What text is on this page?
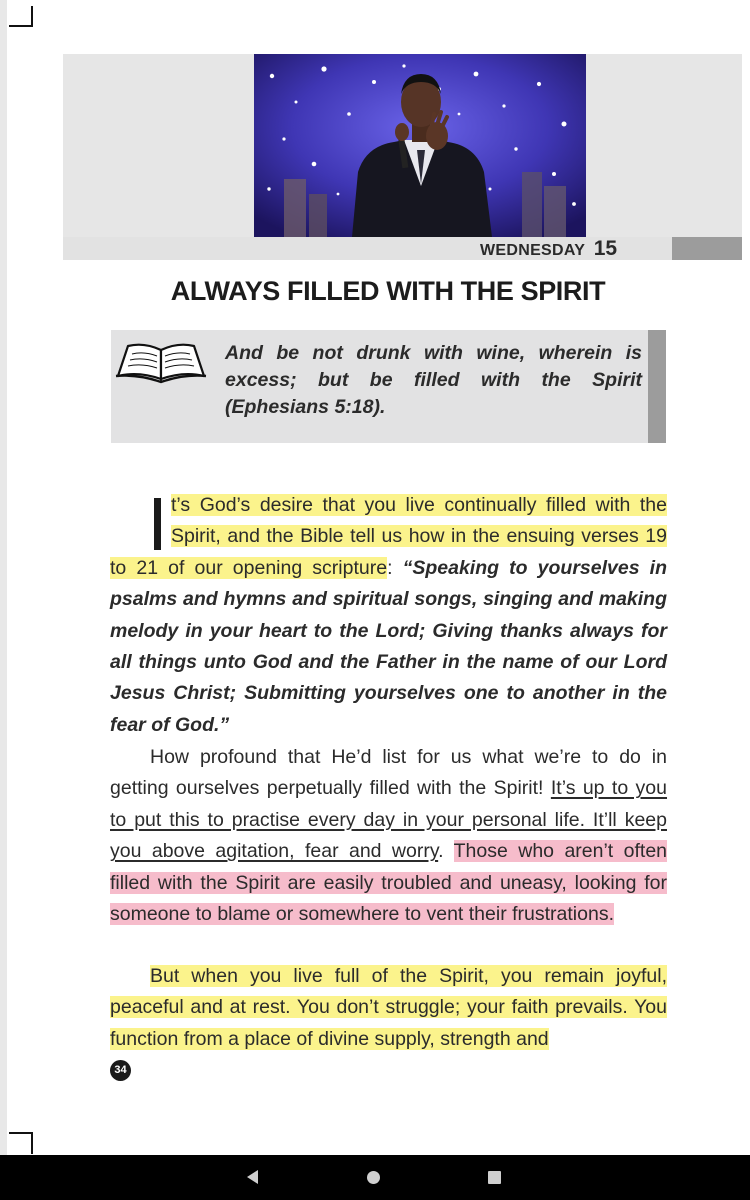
WEDNESDAY 15
ALWAYS FILLED WITH THE SPIRIT
And be not drunk with wine, wherein is excess; but be filled with the Spirit (Ephesians 5:18).
t’s God’s desire that you live continually filled with the Spirit, and the Bible tell us how in the ensuing verses 19 to 21 of our opening scripture: “Speaking to yourselves in psalms and hymns and spiritual songs, singing and making melody in your heart to the Lord; Giving thanks always for all things unto God and the Father in the name of our Lord Jesus Christ; Submitting yourselves one to another in the fear of God.”
How profound that He’d list for us what we’re to do in getting ourselves perpetually filled with the Spirit! It’s up to you to put this to practise every day in your personal life. It’ll keep you above agitation, fear and worry. Those who aren’t often filled with the Spirit are easily troubled and uneasy, looking for someone to blame or somewhere to vent their frustrations.
But when you live full of the Spirit, you remain joyful, peaceful and at rest. You don’t struggle; your faith prevails. You function from a place of divine supply, strength and
34
